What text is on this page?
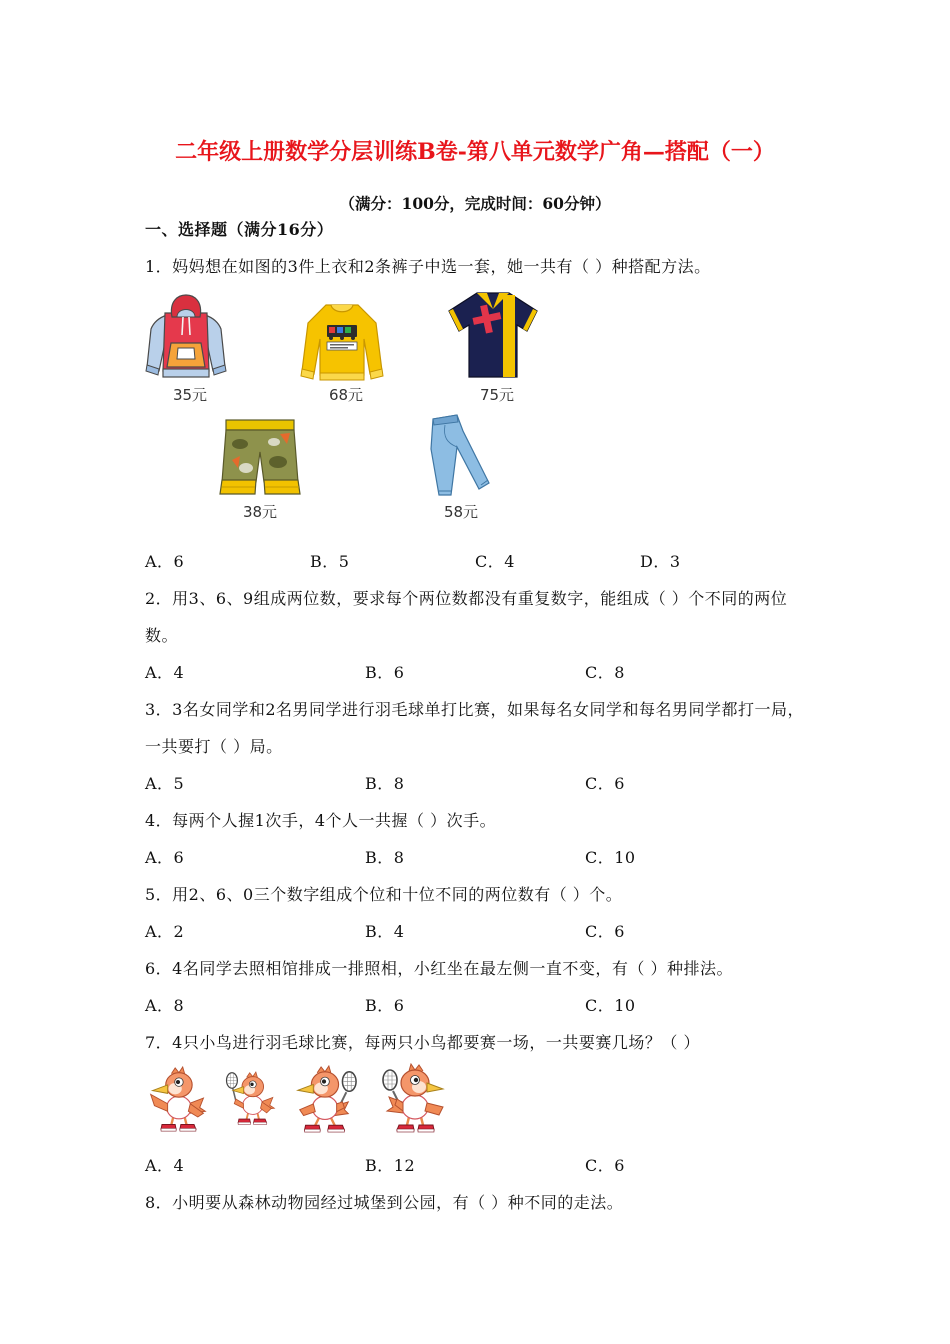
二年级上册数学分层训练B卷-第八单元数学广角—搭配（一）
（满分：100分，完成时间：60分钟）
一、选择题（满分16分）
1．妈妈想在如图的3件上衣和2条裤子中选一套，她一共有（ ）种搭配方法。
35元	68元	75元
38元	58元
A．6	B．5	C．4	D．3
2．用3、6、9组成两位数，要求每个两位数都没有重复数字，能组成（ ）个不同的两位
数。
A．4	B．6	C．8
3．3名女同学和2名男同学进行羽毛球单打比赛，如果每名女同学和每名男同学都打一局，
一共要打（ ）局。
A．5	B．8	C．6
4．每两个人握1次手，4个人一共握（ ）次手。
A．6	B．8	C．10
5．用2、6、0三个数字组成个位和十位不同的两位数有（ ）个。
A．2	B．4	C．6
6．4名同学去照相馆排成一排照相，小红坐在最左侧一直不变，有（ ）种排法。
A．8	B．6	C．10
7．4只小鸟进行羽毛球比赛，每两只小鸟都要赛一场，一共要赛几场？（ ）
A．4	B．12	C．6
8．小明要从森林动物园经过城堡到公园，有（ ）种不同的走法。
